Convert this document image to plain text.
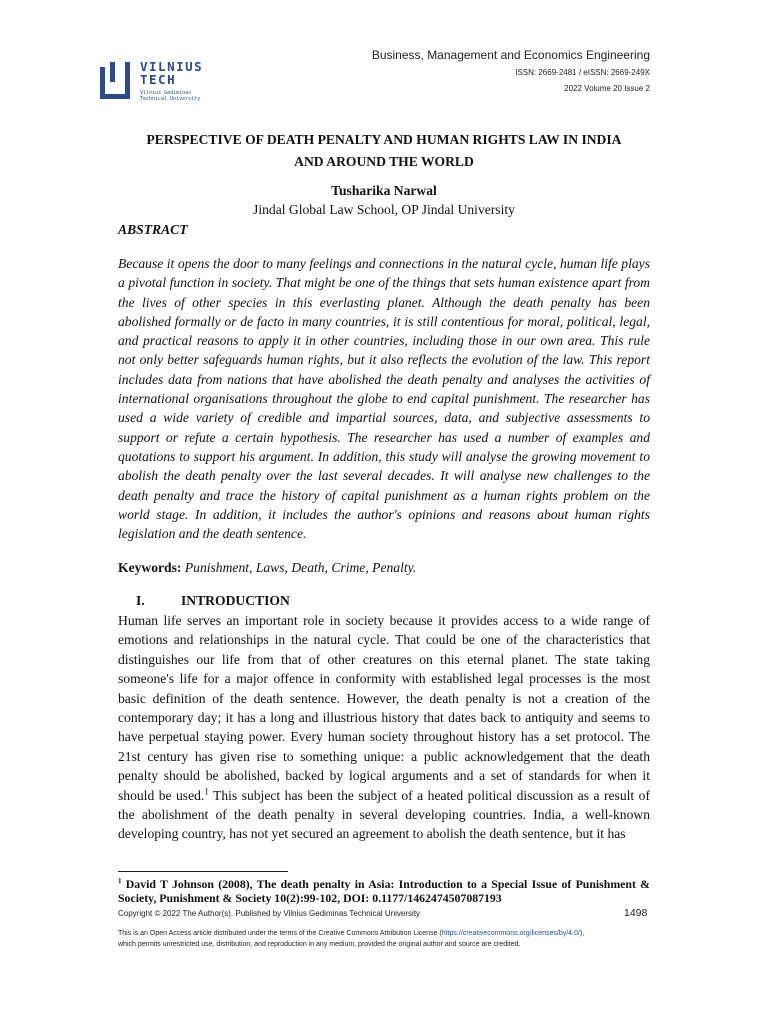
VILNIUS
TECH
Vilnius Gediminas
Technical University
Business, Management and Economics Engineering
ISSN: 2669-2481 / eISSN: 2669-249X
2022 Volume 20 Issue 2
PERSPECTIVE OF DEATH PENALTY AND HUMAN RIGHTS LAW IN INDIA
AND AROUND THE WORLD
Tusharika Narwal
Jindal Global Law School, OP Jindal University
ABSTRACT

Because it opens the door to many feelings and connections in the natural cycle, human life plays a pivotal function in society. That might be one of the things that sets human existence apart from the lives of other species in this everlasting planet. Although the death penalty has been abolished formally or de facto in many countries, it is still contentious for moral, political, legal, and practical reasons to apply it in other countries, including those in our own area. This rule not only better safeguards human rights, but it also reflects the evolution of the law. This report includes data from nations that have abolished the death penalty and analyses the activities of international organisations throughout the globe to end capital punishment. The researcher has used a wide variety of credible and impartial sources, data, and subjective assessments to support or refute a certain hypothesis. The researcher has used a number of examples and quotations to support his argument. In addition, this study will analyse the growing movement to abolish the death penalty over the last several decades. It will analyse new challenges to the death penalty and trace the history of capital punishment as a human rights problem on the world stage. In addition, it includes the author's opinions and reasons about human rights legislation and the death sentence.

Keywords: Punishment, Laws, Death, Crime, Penalty.
I.	INTRODUCTION

Human life serves an important role in society because it provides access to a wide range of emotions and relationships in the natural cycle. That could be one of the characteristics that distinguishes our life from that of other creatures on this eternal planet. The state taking someone's life for a major offence in conformity with established legal processes is the most basic definition of the death sentence. However, the death penalty is not a creation of the contemporary day; it has a long and illustrious history that dates back to antiquity and seems to have perpetual staying power. Every human society throughout history has a set protocol. The 21st century has given rise to something unique: a public acknowledgement that the death penalty should be abolished, backed by logical arguments and a set of standards for when it should be used.$^1$ This subject has been the subject of a heated political discussion as a result of the abolishment of the death penalty in several developing countries. India, a well-known developing country, has not yet secured an agreement to abolish the death sentence, but it has

$^1$ David T Johnson (2008), The death penalty in Asia: Introduction to a Special Issue of Punishment & Society, Punishment & Society 10(2):99-102, DOI: 0.1177/1462474507087193
Copyright © 2022 The Author(s). Published by Vilnius Gediminas Technical University	1498
This is an Open Access article distributed under the terms of the Creative Commons Attribution License (https://creativecommons.org/licenses/by/4.0/), which permits unrestricted use, distribution, and reproduction in any medium, provided the original author and source are credited.
